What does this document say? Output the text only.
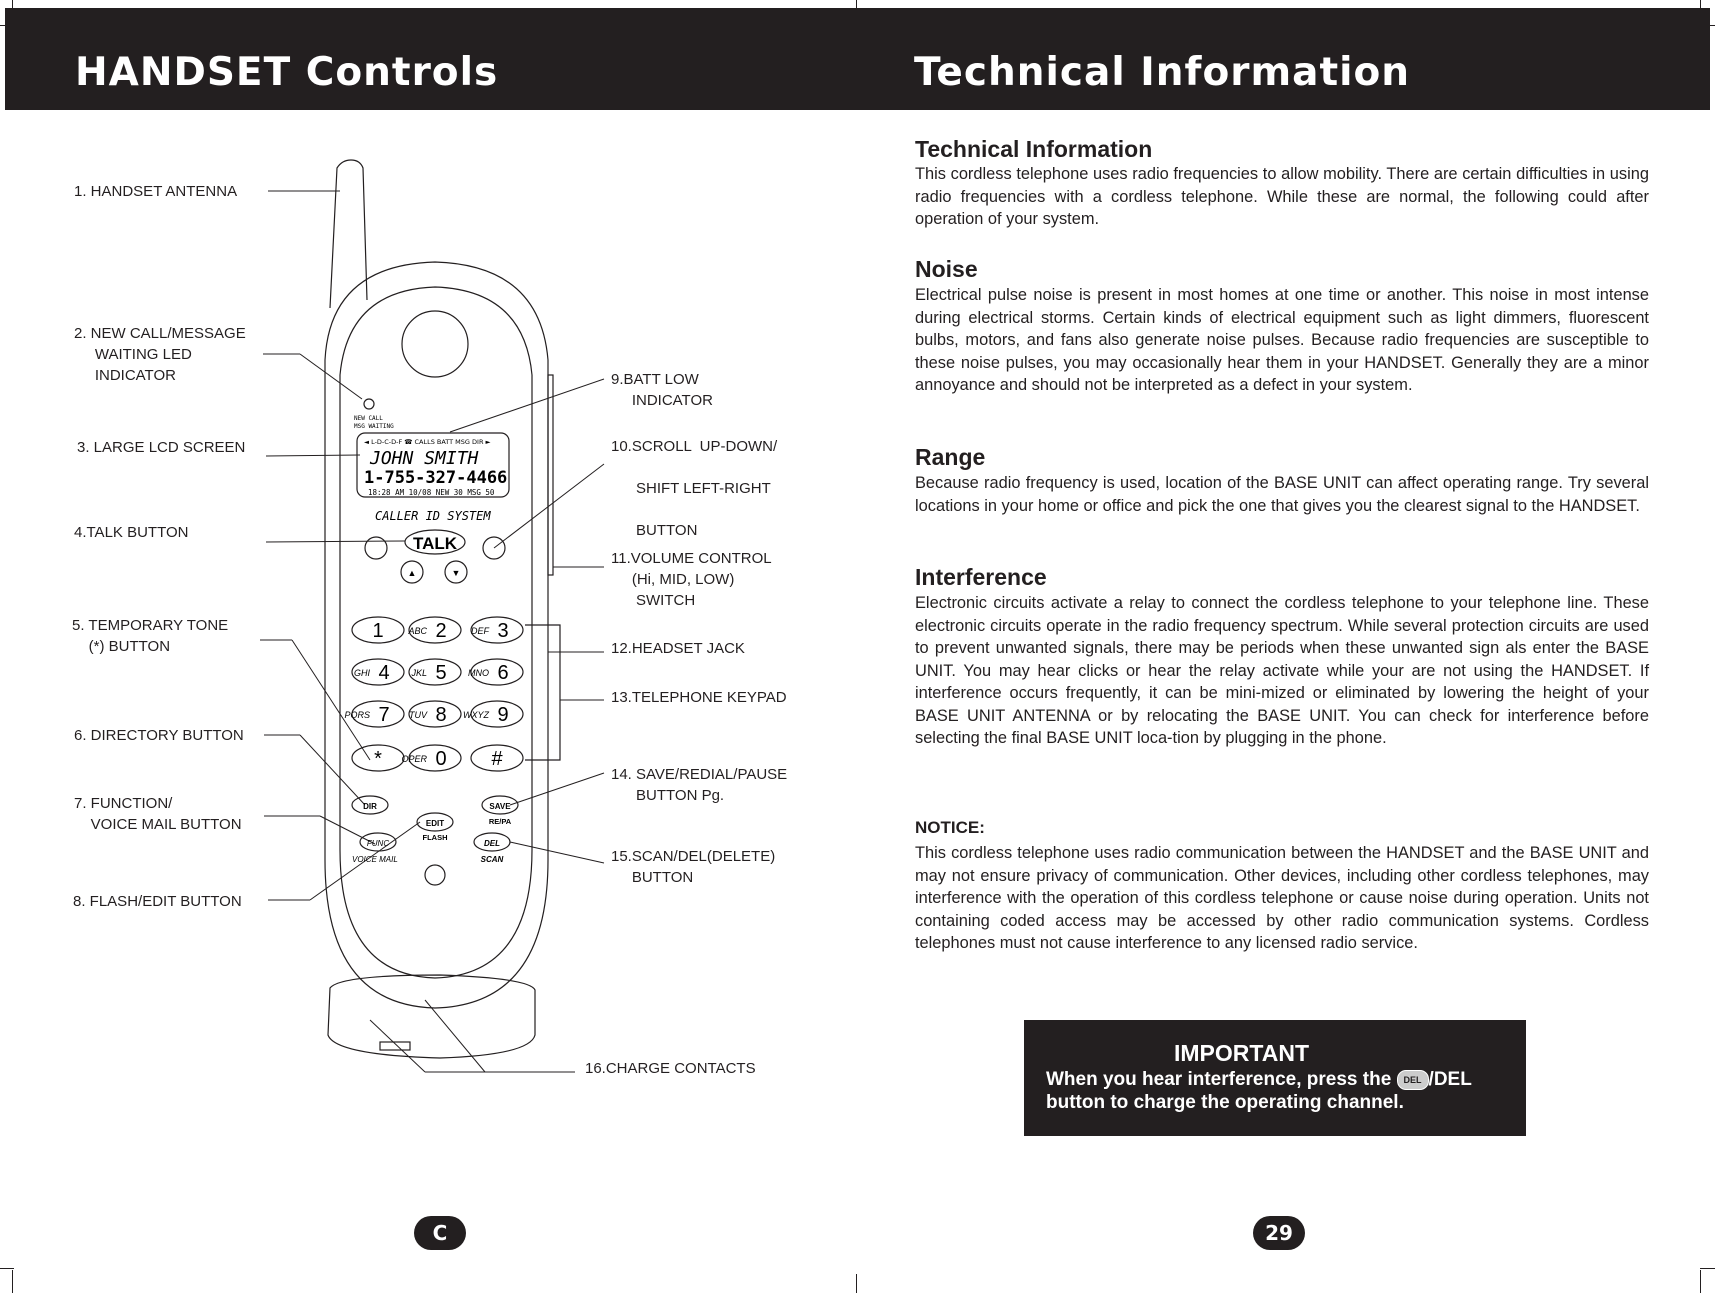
HANDSET Controls	Technical Information
1. HANDSET ANTENNA
2. NEW CALL/MESSAGE
WAITING LED
INDICATOR
3. LARGE LCD SCREEN
4.TALK BUTTON
5. TEMPORARY TONE
(*) BUTTON
6. DIRECTORY BUTTON
7. FUNCTION/
VOICE MAIL BUTTON
8. FLASH/EDIT BUTTON
9.BATT LOW
INDICATOR
10.SCROLL  UP-DOWN/

SHIFT LEFT-RIGHT

BUTTON
11.VOLUME CONTROL
(Hi, MID, LOW)
SWITCH
12.HEADSET JACK
13.TELEPHONE KEYPAD
14. SAVE/REDIAL/PAUSE
BUTTON Pg.
15.SCAN/DEL(DELETE)
BUTTON
16.CHARGE CONTACTS
NEW CALL
MSG WAITING
◄ L-D-C-D-F ☎ CALLS BATT MSG DIR ►
JOHN SMITH
1-755-327-4466
18:28 AM 10/08 NEW 30 MSG 50
CALLER ID SYSTEM
TALK
▲	▼
1	ABC 2	DEF 3
GHI 4 JKL 5 MNO 6
PQRS 7 TUV 8 WXYZ 9
* OPER 0 #
DIR	SAVE
RE/PA
EDIT
FLASH
FUNC
VOICE MAIL
DEL
SCAN
C
Technical Information
This cordless telephone uses radio frequencies to allow mobility. There are certain difficulties in using radio frequencies with a cordless telephone. While these are normal, the following could after operation of your system.
Noise
Electrical pulse noise is present in most homes at one time or another. This noise in most intense during electrical storms. Certain kinds of electrical equipment such as light dimmers, fluorescent bulbs, motors, and fans also generate noise pulses. Because radio frequencies are susceptible to these noise pulses, you may occasionally hear them in your HANDSET. Generally they are a minor annoyance and should not be interpreted as a defect in your system.
Range
Because radio frequency is used, location of the BASE UNIT can affect operating range. Try several locations in your home or office and pick the one that gives you the clearest signal to the HANDSET.
Interference
Electronic circuits activate a relay to connect the cordless telephone to your telephone line. These electronic circuits operate in the radio frequency spectrum. While several protection circuits are used to prevent unwanted signals, there may be periods when these unwanted sign als enter the BASE UNIT. You may hear clicks or hear the relay activate while your are not using the HANDSET. If interference occurs frequently, it can be mini-mized or eliminated by lowering the height of your BASE UNIT ANTENNA or by relocating the BASE UNIT. You can check for interference before selecting the final BASE UNIT loca-tion by plugging in the phone.
NOTICE:
This cordless telephone uses radio communication between the HANDSET and the BASE UNIT and may not ensure privacy of communication. Other devices, including other cordless telephones, may interference with the operation of this cordless telephone or cause noise during operation. Units not containing coded access may be accessed by other radio communication systems. Cordless telephones must not cause interference to any licensed radio service.
IMPORTANT
When you hear interference, press the DEL /DEL button to charge the operating channel.
29
